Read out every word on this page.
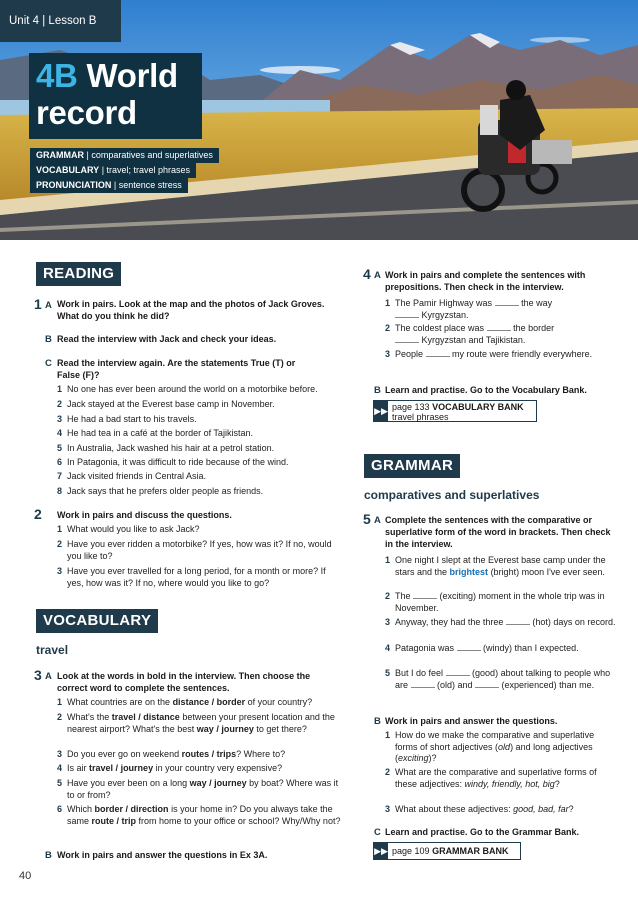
Unit 4 | Lesson B
4B World
record
GRAMMAR | comparatives and superlatives
VOCABULARY | travel; travel phrases
PRONUNCIATION | sentence stress
READING
1 A Work in pairs. Look at the map and the photos of Jack Groves. What do you think he did?
B Read the interview with Jack and check your ideas.
C Read the interview again. Are the statements True (T) or False (F)?
1 No one has ever been around the world on a motorbike before.
2 Jack stayed at the Everest base camp in November.
3 He had a bad start to his travels.
4 He had tea in a café at the border of Tajikistan.
5 In Australia, Jack washed his hair at a petrol station.
6 In Patagonia, it was difficult to ride because of the wind.
7 Jack visited friends in Central Asia.
8 Jack says that he prefers older people as friends.
2 Work in pairs and discuss the questions.
1 What would you like to ask Jack?
2 Have you ever ridden a motorbike? If yes, how was it? If no, would you like to?
3 Have you ever travelled for a long period, for a month or more? If yes, how was it? If no, where would you like to go?
VOCABULARY
travel
3 A Look at the words in bold in the interview. Then choose the correct word to complete the sentences.
1 What countries are on the distance / border of your country?
2 What's the travel / distance between your present location and the nearest airport? What's the best way / journey to get there?
3 Do you ever go on weekend routes / trips? Where to?
4 Is air travel / journey in your country very expensive?
5 Have you ever been on a long way / journey by boat? Where was it to or from?
6 Which border / direction is your home in? Do you always take the same route / trip from home to your office or school? Why/Why not?
B Work in pairs and answer the questions in Ex 3A.
40
4 A Work in pairs and complete the sentences with prepositions. Then check in the interview.
1 The Pamir Highway was	the way
Kyrgyzstan.
2 The coldest place was	the border
Kyrgyzstan and Tajikistan.
3 People	my route were friendly everywhere.
B Learn and practise. Go to the Vocabulary Bank.
▶▶ page 133 VOCABULARY BANK
travel phrases
GRAMMAR
comparatives and superlatives
5 A Complete the sentences with the comparative or superlative form of the word in brackets. Then check in the interview.
1 One night I slept at the Everest base camp under the stars and the brightest (bright) moon I've ever seen.
2 The	(exciting) moment in the whole trip was in November.
3 Anyway, they had the three	(hot) days on record.
4 Patagonia was	(windy) than I expected.
5 But I do feel	(good) about talking to people who are	(old) and	(experienced) than me.
B Work in pairs and answer the questions.
1 How do we make the comparative and superlative forms of short adjectives (old) and long adjectives (exciting)?
2 What are the comparative and superlative forms of these adjectives: windy, friendly, hot, big?
3 What about these adjectives: good, bad, far?
C Learn and practise. Go to the Grammar Bank.
▶▶ page 109 GRAMMAR BANK
